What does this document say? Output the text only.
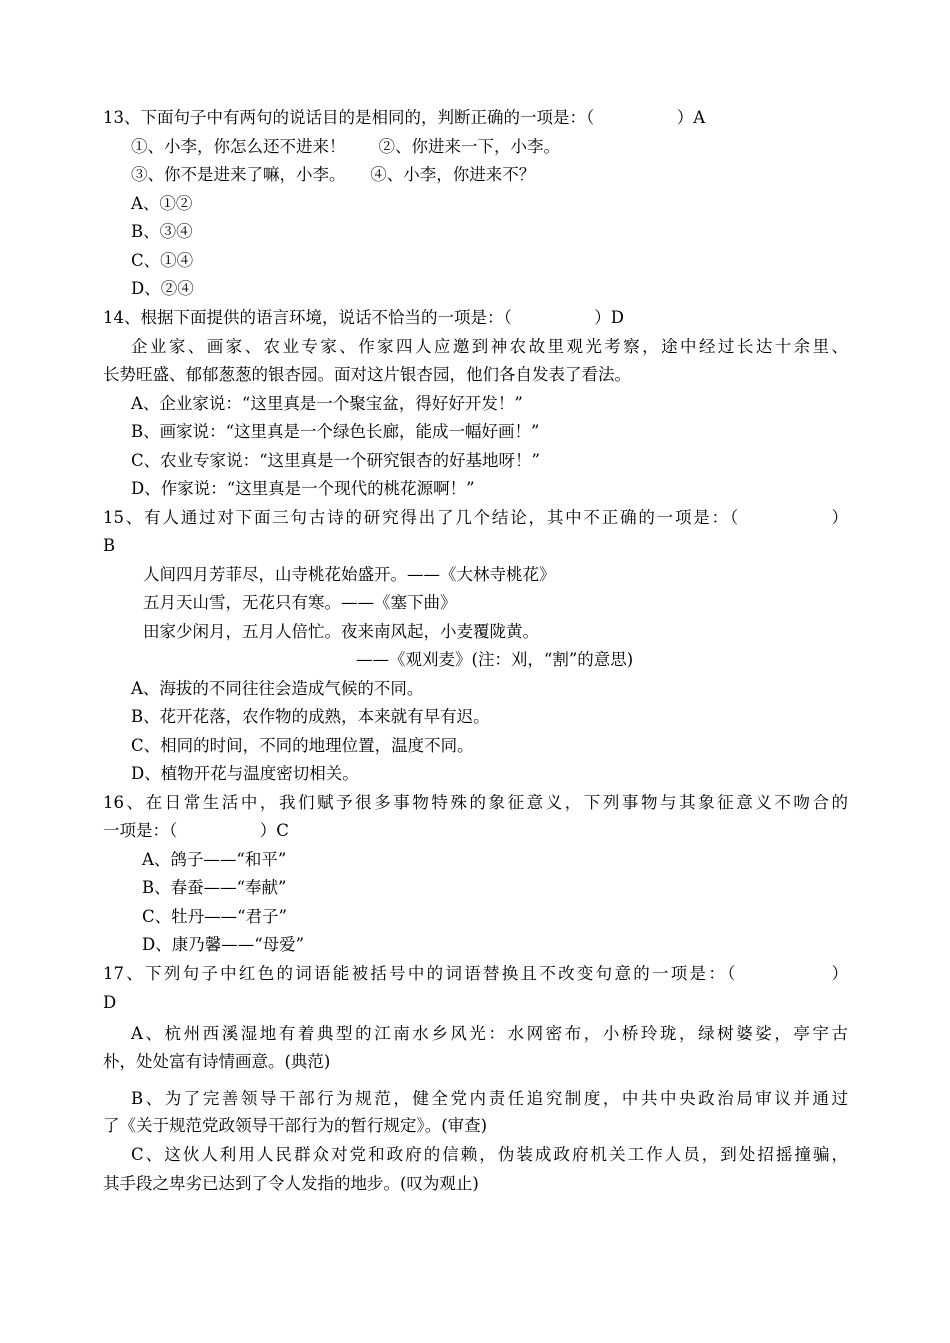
13、下面句子中有两句的说话目的是相同的，判断正确的一项是：（　　　　　）A
①、小李，你怎么还不进来！　　②、你进来一下，小李。
③、你不是进来了嘛，小李。　　④、小李，你进来不？
A、①②
B、③④
C、①④
D、②④
14、根据下面提供的语言环境，说话不恰当的一项是：（　　　　　）D
企业家、画家、农业专家、作家四人应邀到神农故里观光考察，途中经过长达十余里、
长势旺盛、郁郁葱葱的银杏园。面对这片银杏园，他们各自发表了看法。
A、企业家说：“这里真是一个聚宝盆，得好好开发！”
B、画家说：“这里真是一个绿色长廊，能成一幅好画！”
C、农业专家说：“这里真是一个研究银杏的好基地呀！”
D、作家说：“这里真是一个现代的桃花源啊！”
15、有人通过对下面三句古诗的研究得出了几个结论，其中不正确的一项是：（　　　　　）
B
人间四月芳菲尽，山寺桃花始盛开。——《大林寺桃花》
五月天山雪，无花只有寒。——《塞下曲》
田家少闲月，五月人倍忙。夜来南风起，小麦覆陇黄。
——《观刈麦》(注：刈，“割”的意思)
A、海拔的不同往往会造成气候的不同。
B、花开花落，农作物的成熟，本来就有早有迟。
C、相同的时间，不同的地理位置，温度不同。
D、植物开花与温度密切相关。
16、在日常生活中，我们赋予很多事物特殊的象征意义，下列事物与其象征意义不吻合的
一项是：（　　　　　）C
A、鸽子——“和平”
B、春蚕——“奉献”
C、牡丹——“君子”
D、康乃馨——“母爱”
17、下列句子中红色的词语能被括号中的词语替换且不改变句意的一项是：（　　　　　）
D
A、杭州西溪湿地有着典型的江南水乡风光：水网密布，小桥玲珑，绿树婆娑，亭宇古
朴，处处富有诗情画意。(典范)
B、为了完善领导干部行为规范，健全党内责任追究制度，中共中央政治局审议并通过
了《关于规范党政领导干部行为的暂行规定》。(审查)
C、这伙人利用人民群众对党和政府的信赖，伪装成政府机关工作人员，到处招摇撞骗，
其手段之卑劣已达到了令人发指的地步。(叹为观止)
